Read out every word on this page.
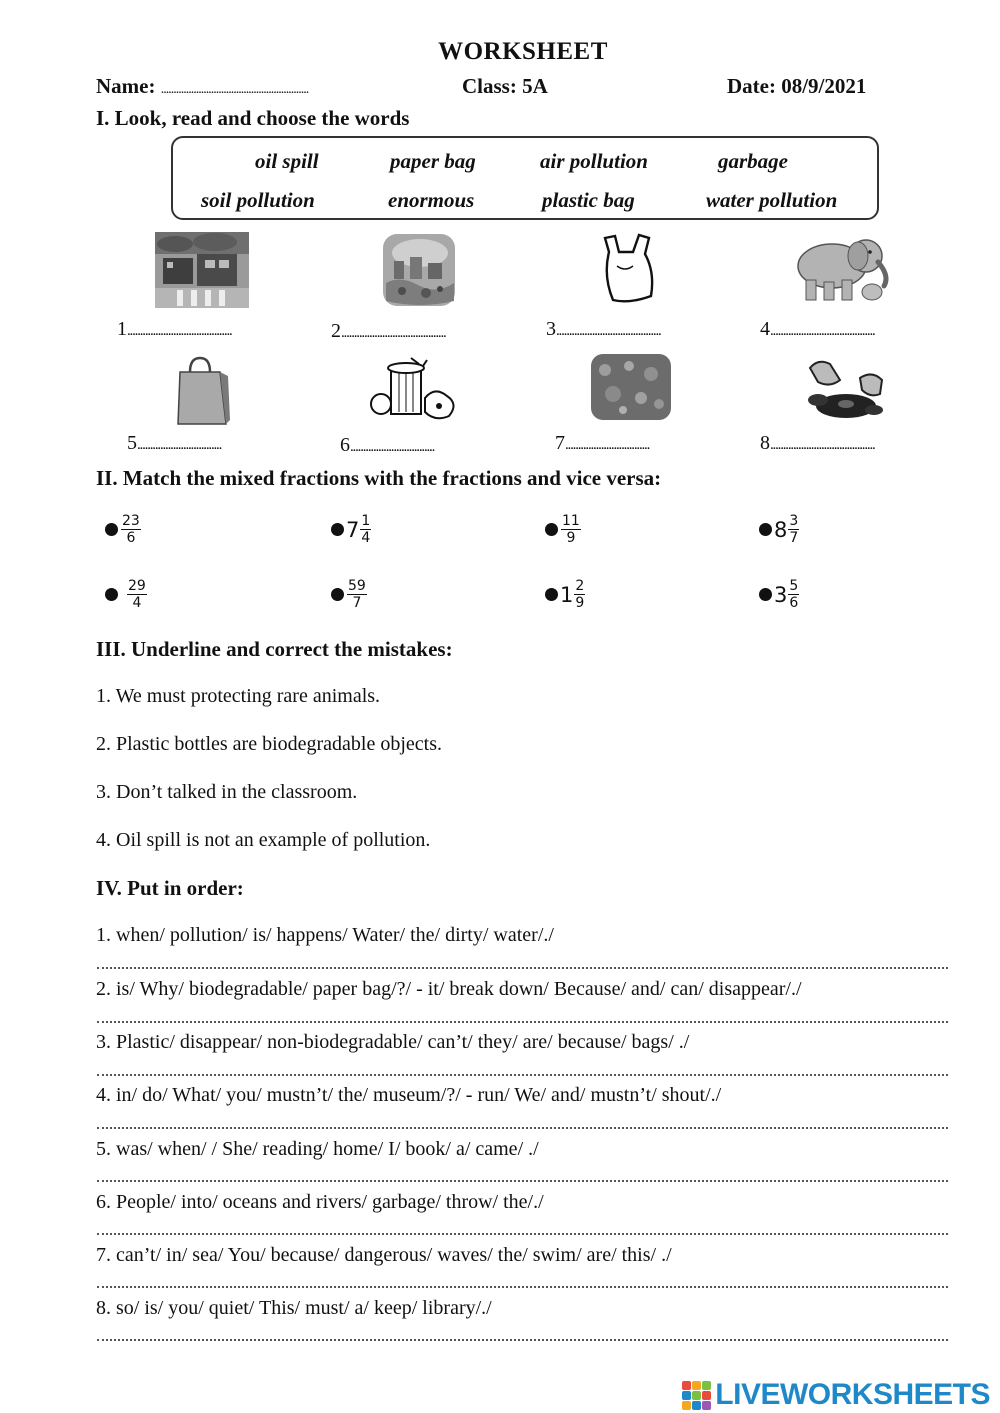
WORKSHEET
Name: ...........................................................	Class: 5A	Date: 08/9/2021
I. Look, read and choose the words
oil spill	paper bag	air pollution	garbage
soil pollution	enormous	plastic bag	water pollution
1.........................................	2.........................................	3.........................................	4.........................................
5.................................	6.................................	7.................................	8.........................................
II. Match the mixed fractions with the fractions and vice versa:
$\frac{23}{6}$	$7 \frac{1}{4}$	$\frac{11}{9}$	$8 \frac{3}{7}$
$\frac{29}{4}$	$\frac{59}{7}$	$1 \frac{2}{9}$	$3 \frac{5}{6}$
III. Underline and correct the mistakes:
1. We must protecting rare animals.
2. Plastic bottles are biodegradable objects.
3. Don’t talked in the classroom.
4. Oil spill is not an example of pollution.
IV. Put in order:
1. when/ pollution/ is/ happens/ Water/ the/ dirty/ water/./
2. is/ Why/ biodegradable/ paper bag/?/ - it/ break down/ Because/ and/ can/ disappear/./
3. Plastic/ disappear/ non-biodegradable/ can’t/ they/ are/ because/ bags/ ./
4. in/ do/ What/ you/ mustn’t/ the/ museum/?/ - run/ We/ and/ mustn’t/ shout/./
5. was/ when/ / She/ reading/ home/ I/ book/ a/ came/ ./
6. People/ into/ oceans and rivers/ garbage/ throw/ the/./
7. can’t/ in/ sea/ You/ because/ dangerous/ waves/ the/ swim/ are/ this/ ./
8. so/ is/ you/ quiet/ This/ must/ a/ keep/ library/./
LIVEWORKSHEETS
